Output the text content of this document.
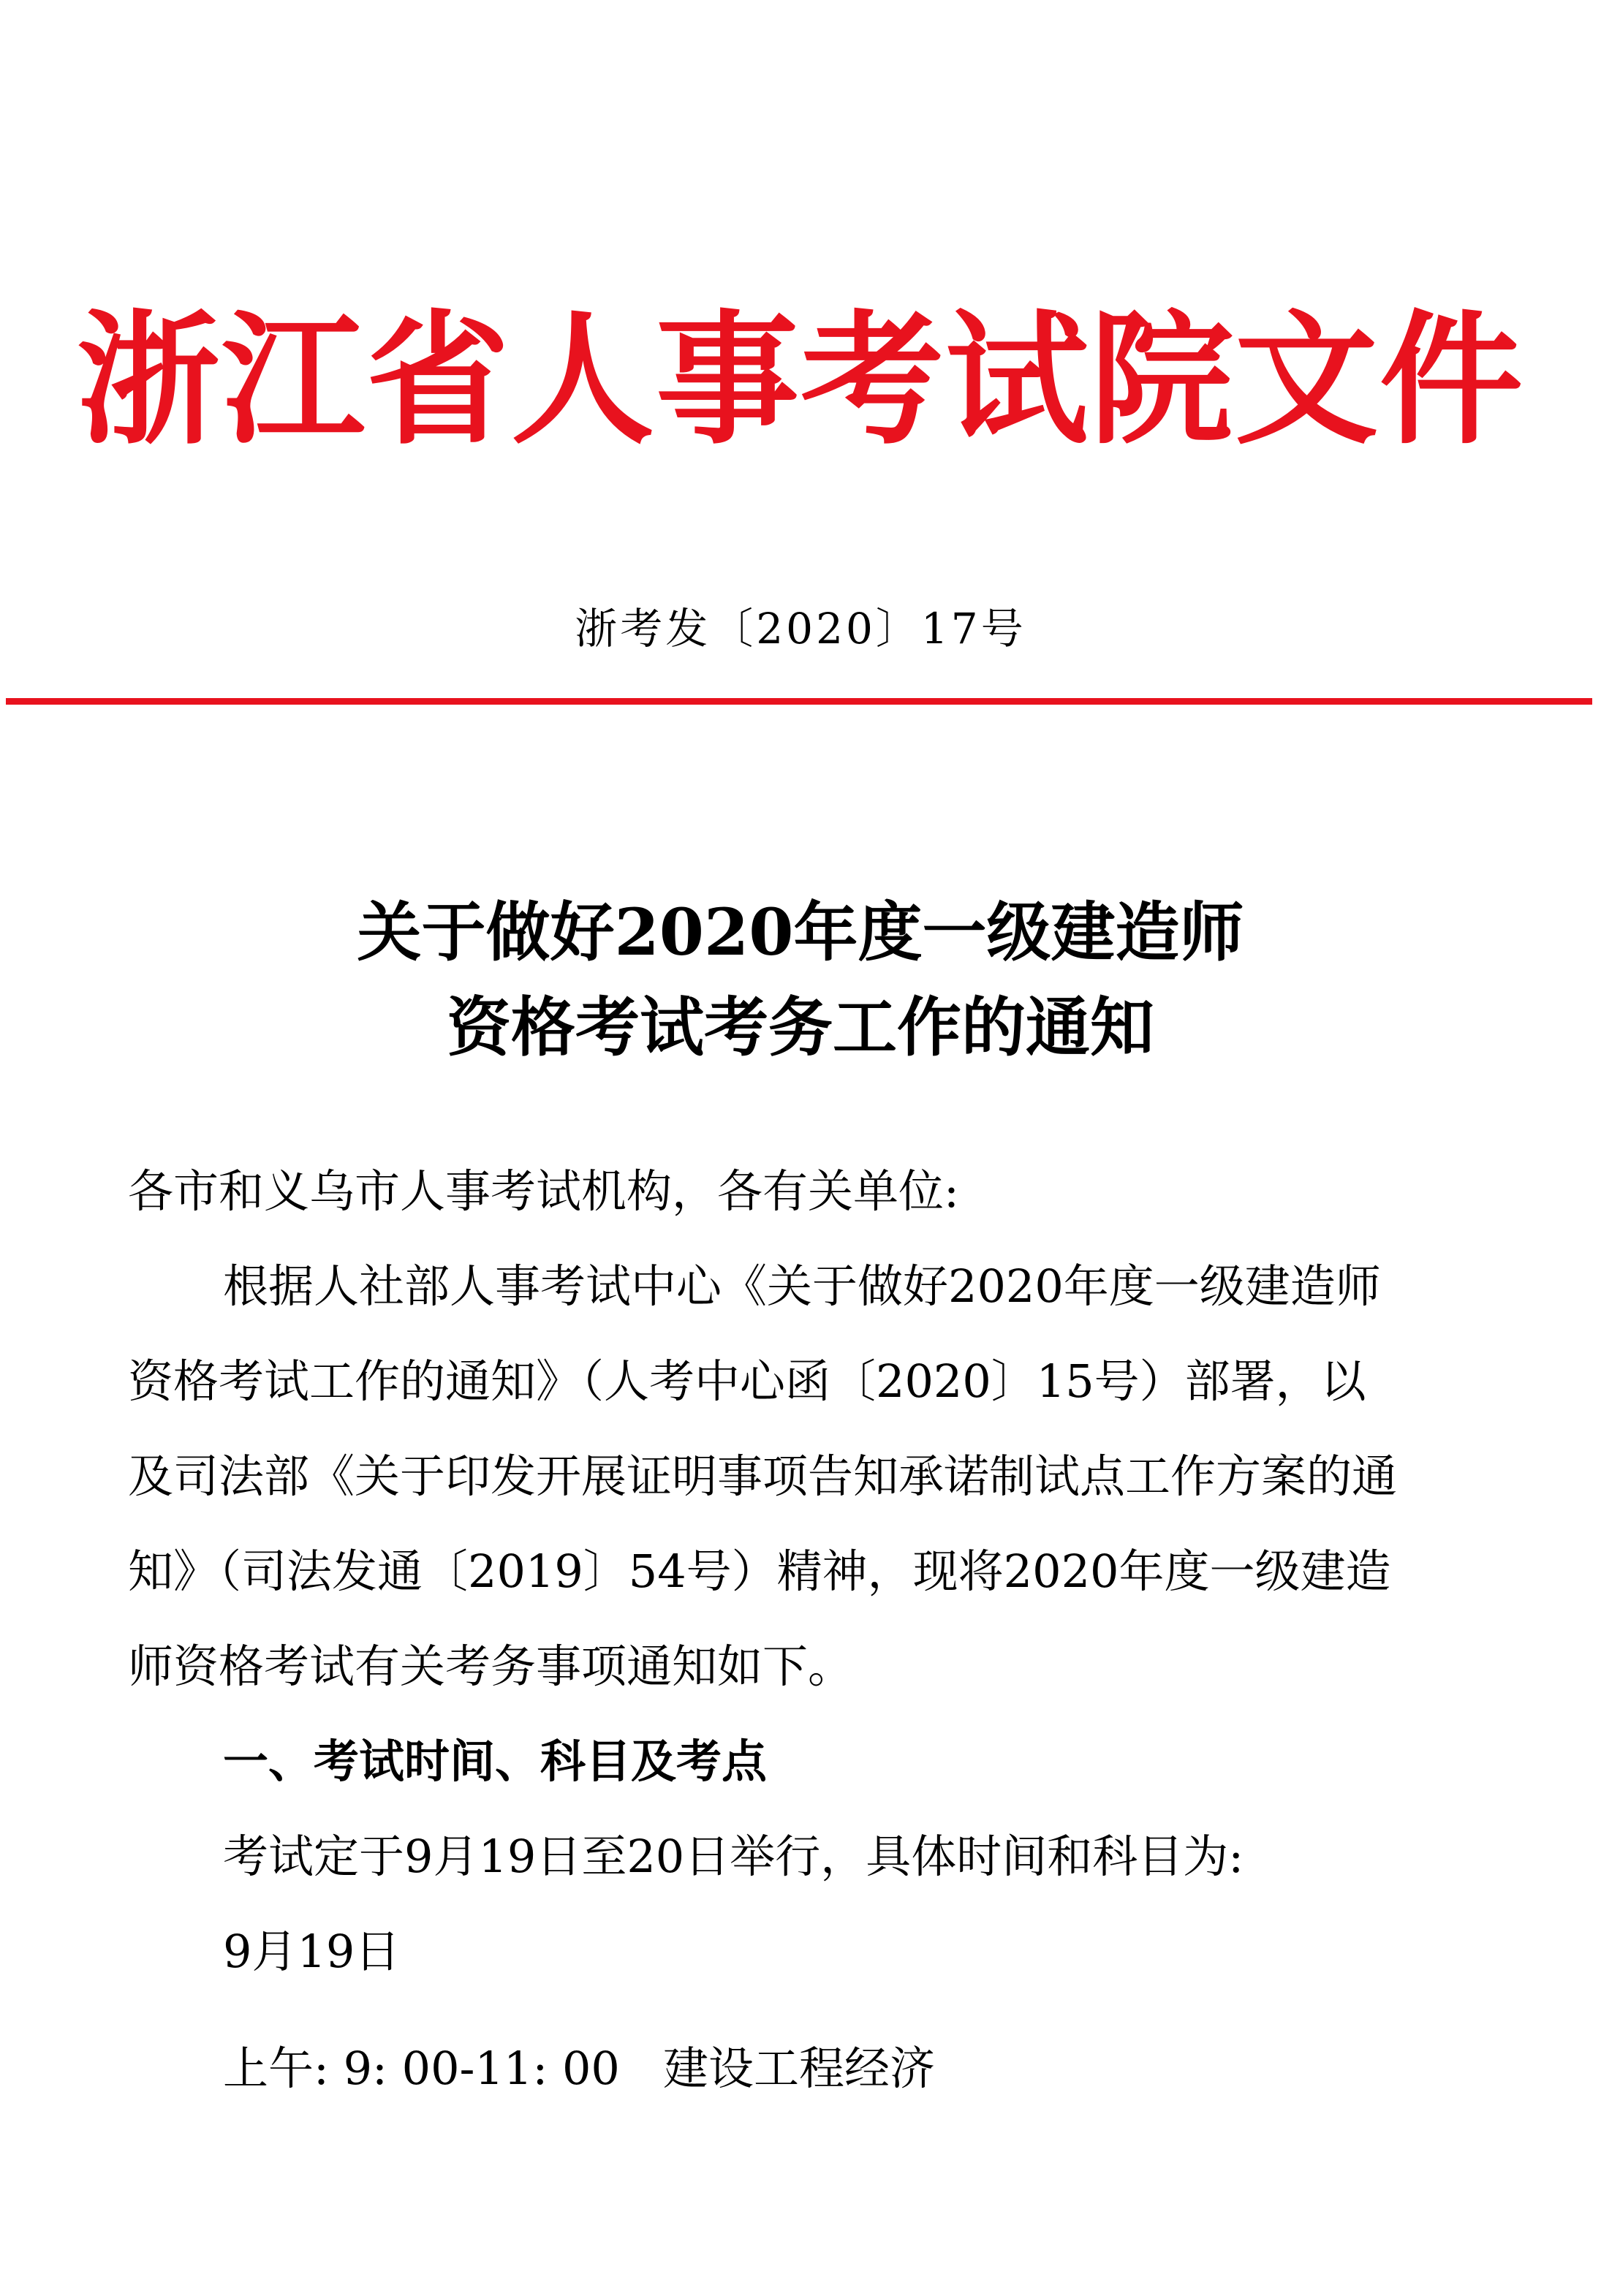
浙江省人事考试院文件
浙考发〔2020〕17号
关于做好2020年度一级建造师
资格考试考务工作的通知
各市和义乌市人事考试机构，各有关单位:
根据人社部人事考试中心《关于做好2020年度一级建造师
资格考试工作的通知》（人考中心函〔2020〕15号）部署，以
及司法部《关于印发开展证明事项告知承诺制试点工作方案的通
知》（司法发通〔2019〕54号）精神，现将2020年度一级建造
师资格考试有关考务事项通知如下。
一、考试时间、科目及考点
考试定于9月19日至20日举行，具体时间和科目为:
9月19日
上午: 9: 00-11: 00   建设工程经济
